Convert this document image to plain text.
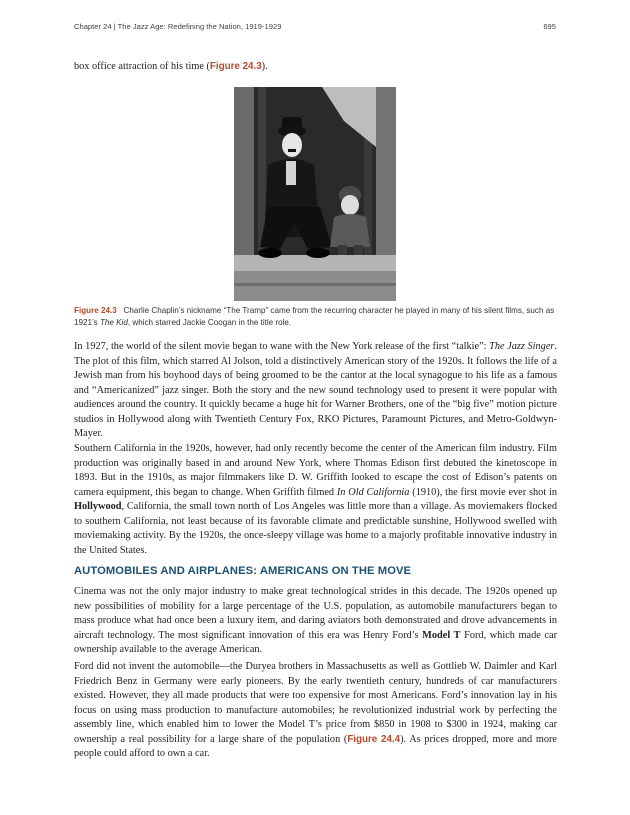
Chapter 24 | The Jazz Age: Redefining the Nation, 1919-1929	695

box office attraction of his time (Figure 24.3).

Figure 24.3 Charlie Chaplin’s nickname “The Tramp” came from the recurring character he played in many of his silent films, such as 1921’s The Kid, which starred Jackie Coogan in the title role.

In 1927, the world of the silent movie began to wane with the New York release of the first “talkie”: The Jazz Singer. The plot of this film, which starred Al Jolson, told a distinctively American story of the 1920s. It follows the life of a Jewish man from his boyhood days of being groomed to be the cantor at the local synagogue to his life as a famous and “Americanized” jazz singer. Both the story and the new sound technology used to present it were popular with audiences around the country. It quickly became a huge hit for Warner Brothers, one of the “big five” motion picture studios in Hollywood along with Twentieth Century Fox, RKO Pictures, Paramount Pictures, and Metro-Goldwyn-Mayer.

Southern California in the 1920s, however, had only recently become the center of the American film industry. Film production was originally based in and around New York, where Thomas Edison first debuted the kinetoscope in 1893. But in the 1910s, as major filmmakers like D. W. Griffith looked to escape the cost of Edison’s patents on camera equipment, this began to change. When Griffith filmed In Old California (1910), the first movie ever shot in Hollywood, California, the small town north of Los Angeles was little more than a village. As moviemakers flocked to southern California, not least because of its favorable climate and predictable sunshine, Hollywood swelled with moviemaking activity. By the 1920s, the once-sleepy village was home to a majorly profitable innovative industry in the United States.

AUTOMOBILES AND AIRPLANES: AMERICANS ON THE MOVE

Cinema was not the only major industry to make great technological strides in this decade. The 1920s opened up new possibilities of mobility for a large percentage of the U.S. population, as automobile manufacturers began to mass produce what had once been a luxury item, and daring aviators both demonstrated and drove advancements in aircraft technology. The most significant innovation of this era was Henry Ford’s Model T Ford, which made car ownership available to the average American.

Ford did not invent the automobile—the Duryea brothers in Massachusetts as well as Gottlieb W. Daimler and Karl Friedrich Benz in Germany were early pioneers. By the early twentieth century, hundreds of car manufacturers existed. However, they all made products that were too expensive for most Americans. Ford’s innovation lay in his focus on using mass production to manufacture automobiles; he revolutionized industrial work by perfecting the assembly line, which enabled him to lower the Model T’s price from $850 in 1908 to $300 in 1924, making car ownership a real possibility for a large share of the population (Figure 24.4). As prices dropped, more and more people could afford to own a car.
